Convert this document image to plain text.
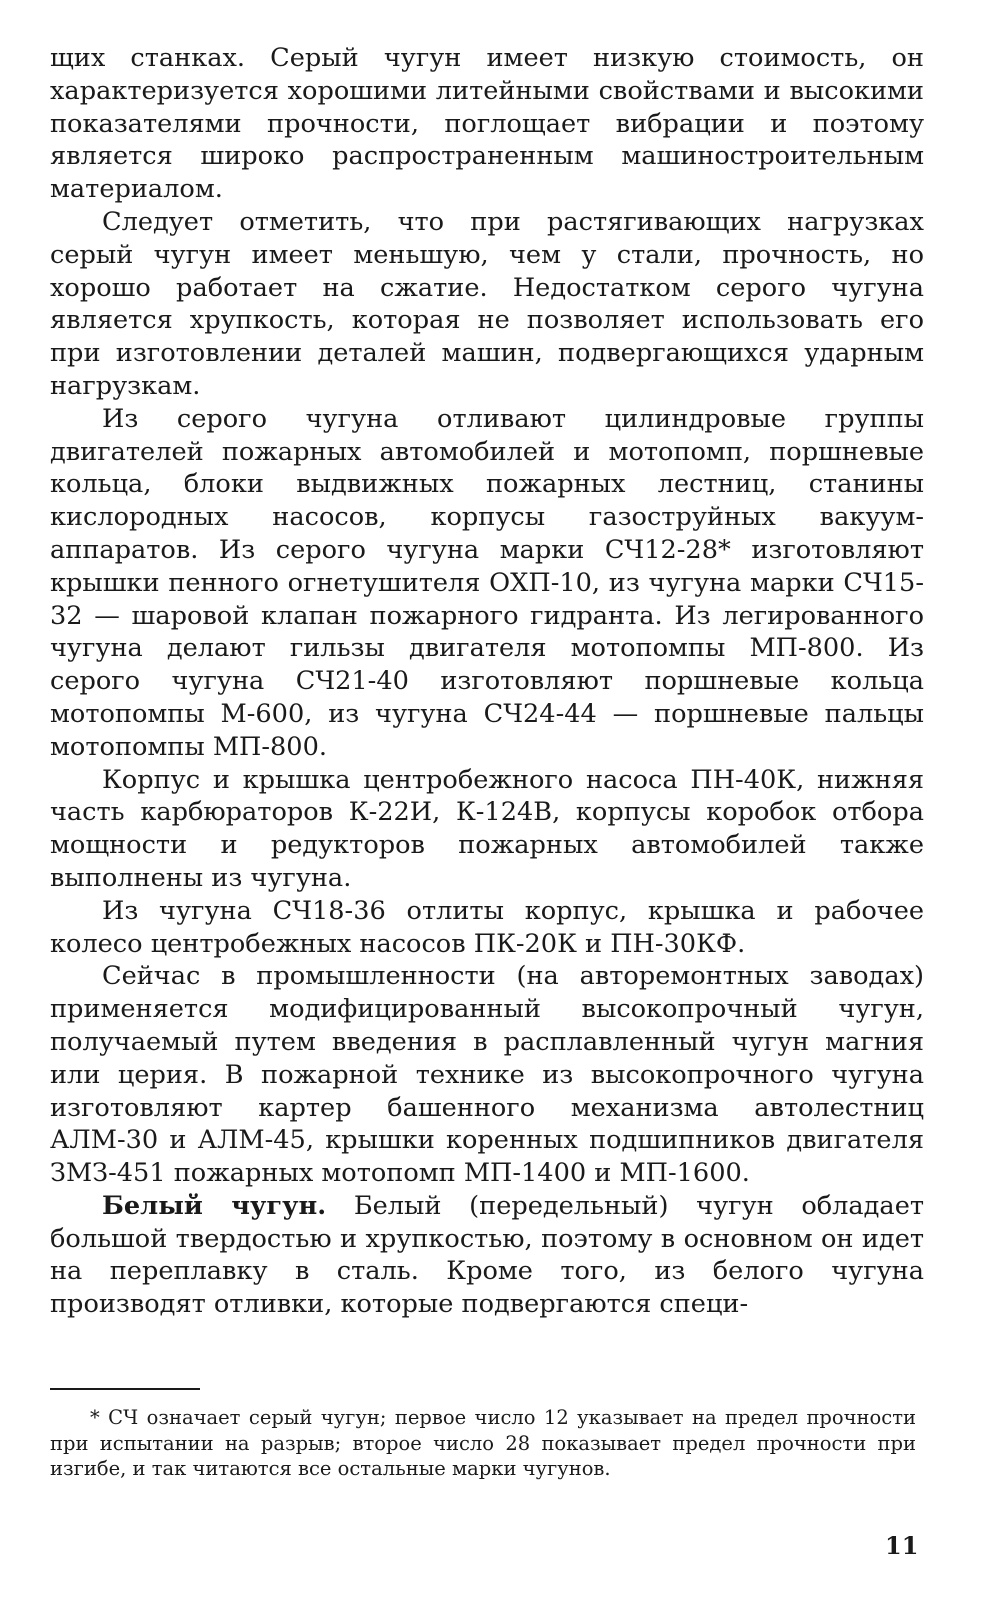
щих станках. Серый чугун имеет низкую стоимость, он характеризуется хорошими литейными свойствами и высокими показателями прочности, поглощает вибрации и поэтому является широко распространенным машиностроительным материалом.

Следует отметить, что при растягивающих нагрузках серый чугун имеет меньшую, чем у стали, прочность, но хорошо работает на сжатие. Недостатком серого чугуна является хрупкость, которая не позволяет использовать его при изготовлении деталей машин, подвергающихся ударным нагрузкам.

Из серого чугуна отливают цилиндровые группы двигателей пожарных автомобилей и мотопомп, поршневые кольца, блоки выдвижных пожарных лестниц, станины кислородных насосов, корпусы газоструйных вакуум-аппаратов. Из серого чугуна марки СЧ12-28* изготовляют крышки пенного огнетушителя ОХП-10, из чугуна марки СЧ15-32 — шаровой клапан пожарного гидранта. Из легированного чугуна делают гильзы двигателя мотопомпы МП-800. Из серого чугуна СЧ21-40 изготовляют поршневые кольца мотопомпы М-600, из чугуна СЧ24-44 — поршневые пальцы мотопомпы МП-800.

Корпус и крышка центробежного насоса ПН-40К, нижняя часть карбюраторов К-22И, К-124В, корпусы коробок отбора мощности и редукторов пожарных автомобилей также выполнены из чугуна.

Из чугуна СЧ18-36 отлиты корпус, крышка и рабочее колесо центробежных насосов ПК-20К и ПН-30КФ.

Сейчас в промышленности (на авторемонтных заводах) применяется модифицированный высокопрочный чугун, получаемый путем введения в расплавленный чугун магния или церия. В пожарной технике из высокопрочного чугуна изготовляют картер башенного механизма автолестниц АЛМ-30 и АЛМ-45, крышки коренных подшипников двигателя ЗМЗ-451 пожарных мотопомп МП-1400 и МП-1600.

Белый чугун. Белый (передельный) чугун обладает большой твердостью и хрупкостью, поэтому в основном он идет на переплавку в сталь. Кроме того, из белого чугуна производят отливки, которые подвергаются специ-

* СЧ означает серый чугун; первое число 12 указывает на предел прочности при испытании на разрыв; второе число 28 показывает предел прочности при изгибе, и так читаются все остальные марки чугунов.

11
